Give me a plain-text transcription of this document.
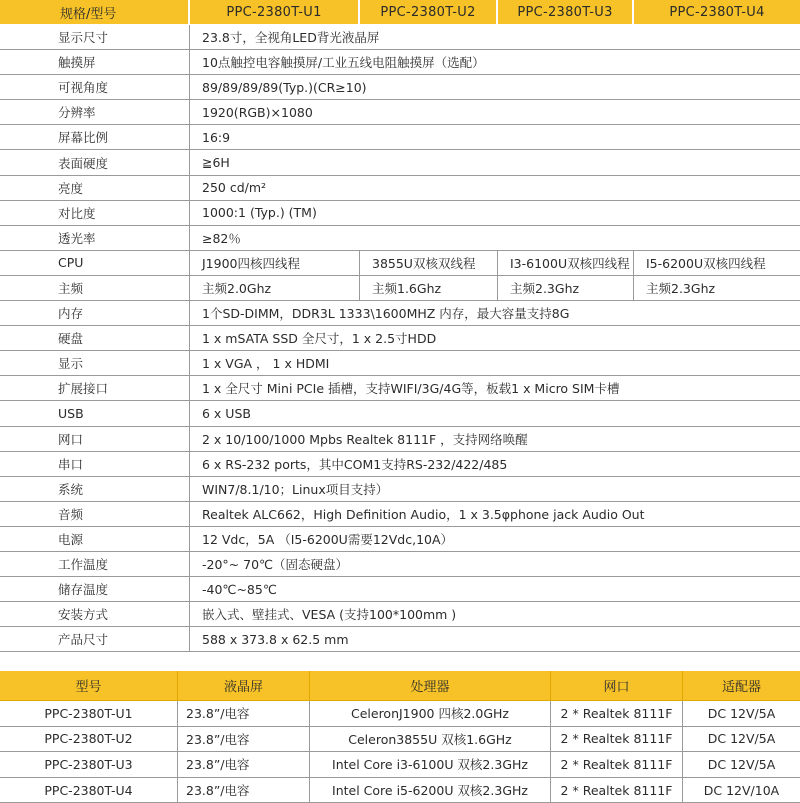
规格/型号	PPC-2380T-U1	PPC-2380T-U2	PPC-2380T-U3	PPC-2380T-U4
显示尺寸	23.8寸，全视角LED背光液晶屏
触摸屏	10点触控电容触摸屏/工业五线电阻触摸屏（选配）
可视角度	89/89/89/89(Typ.)(CR≥10)
分辨率	1920(RGB)×1080
屏幕比例	16:9
表面硬度	≧6H
亮度	250 cd/m²
对比度	1000:1 (Typ.) (TM)
透光率	≥82％
CPU	J1900四核四线程	3855U双核双线程	I3-6100U双核四线程	I5-6200U双核四线程
主频	主频2.0Ghz	主频1.6Ghz	主频2.3Ghz	主频2.3Ghz
内存	1个SD-DIMM，DDR3L 1333\1600MHZ 内存，最大容量支持8G
硬盘	1 x mSATA SSD 全尺寸，1 x 2.5寸HDD
显示	1 x VGA ， 1 x HDMI
扩展接口	1 x 全尺寸 Mini PCIe 插槽，支持WIFI/3G/4G等，板载1 x Micro SIM卡槽
USB	6 x USB
网口	2 x 10/100/1000 Mpbs Realtek 8111F ，支持网络唤醒
串口	6 x RS-232 ports，其中COM1支持RS-232/422/485
系统	WIN7/8.1/10；Linux项目支持）
音频	Realtek ALC662，High Definition Audio，1 x 3.5φphone jack Audio Out
电源	12 Vdc，5A （I5-6200U需要12Vdc,10A）
工作温度	-20°~ 70℃（固态硬盘）
储存温度	-40℃~85℃
安装方式	嵌入式、壁挂式、VESA (支持100*100mm )
产品尺寸	588 x 373.8 x 62.5 mm
型号	液晶屏	处理器	网口	适配器
PPC-2380T-U1	23.8”/电容	CeleronJ1900 四核2.0GHz	2 * Realtek 8111F	DC 12V/5A
PPC-2380T-U2	23.8”/电容	Celeron3855U 双核1.6GHz	2 * Realtek 8111F	DC 12V/5A
PPC-2380T-U3	23.8”/电容	Intel Core i3-6100U 双核2.3GHz	2 * Realtek 8111F	DC 12V/5A
PPC-2380T-U4	23.8”/电容	Intel Core i5-6200U 双核2.3GHz	2 * Realtek 8111F	DC 12V/10A
